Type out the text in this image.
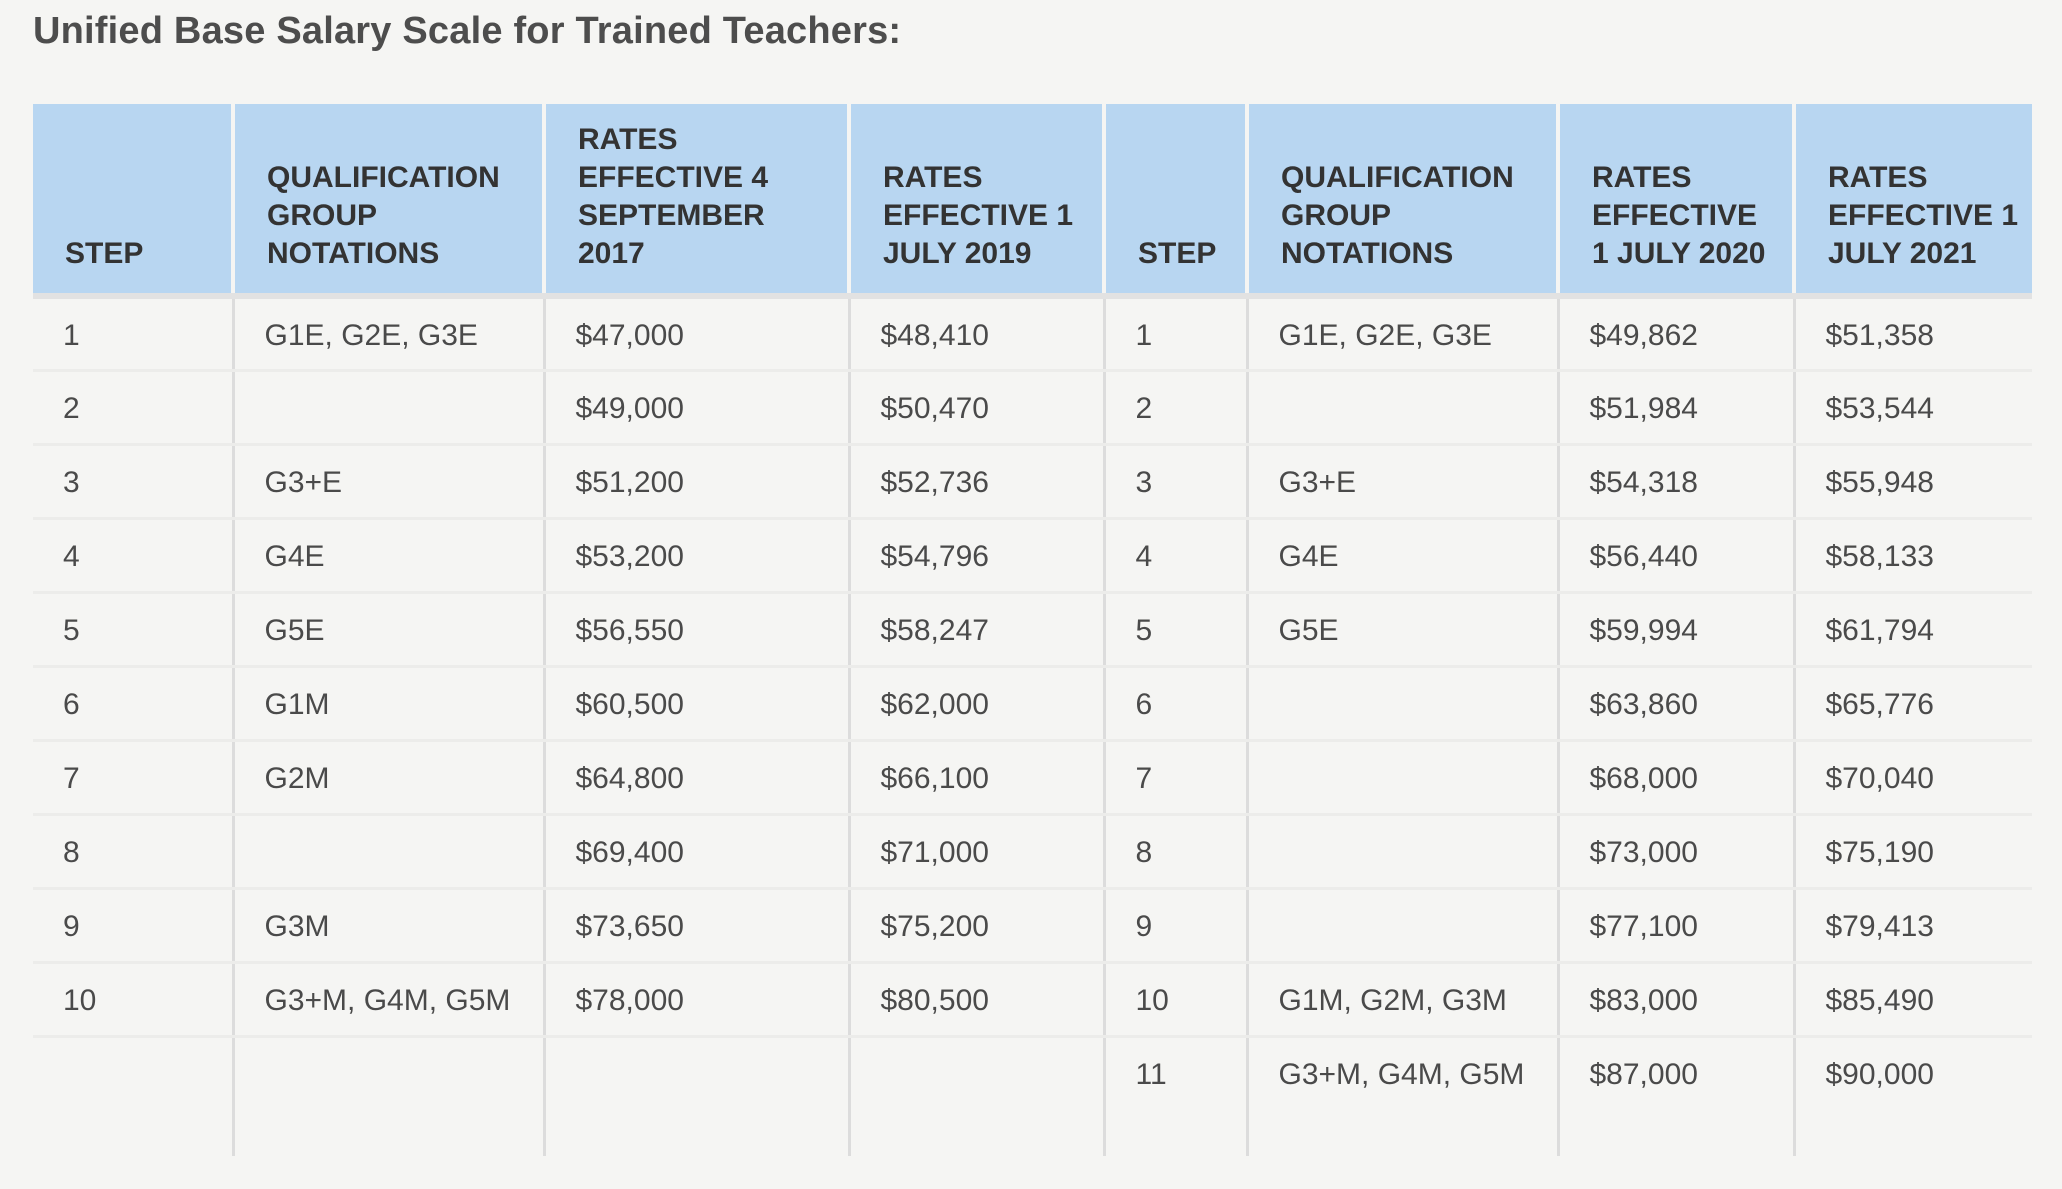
Unified Base Salary Scale for Trained Teachers:
STEP	QUALIFICATION GROUP NOTATIONS	RATES EFFECTIVE 4 SEPTEMBER 2017	RATES EFFECTIVE 1 JULY 2019	STEP	QUALIFICATION GROUP NOTATIONS	RATES EFFECTIVE 1 JULY 2020	RATES EFFECTIVE 1 JULY 2021
1	G1E, G2E, G3E	$47,000	$48,410	1	G1E, G2E, G3E	$49,862	$51,358
2		$49,000	$50,470	2		$51,984	$53,544
3	G3+E	$51,200	$52,736	3	G3+E	$54,318	$55,948
4	G4E	$53,200	$54,796	4	G4E	$56,440	$58,133
5	G5E	$56,550	$58,247	5	G5E	$59,994	$61,794
6	G1M	$60,500	$62,000	6		$63,860	$65,776
7	G2M	$64,800	$66,100	7		$68,000	$70,040
8		$69,400	$71,000	8		$73,000	$75,190
9	G3M	$73,650	$75,200	9		$77,100	$79,413
10	G3+M, G4M, G5M	$78,000	$80,500	10	G1M, G2M, G3M	$83,000	$85,490
				11	G3+M, G4M, G5M	$87,000	$90,000
